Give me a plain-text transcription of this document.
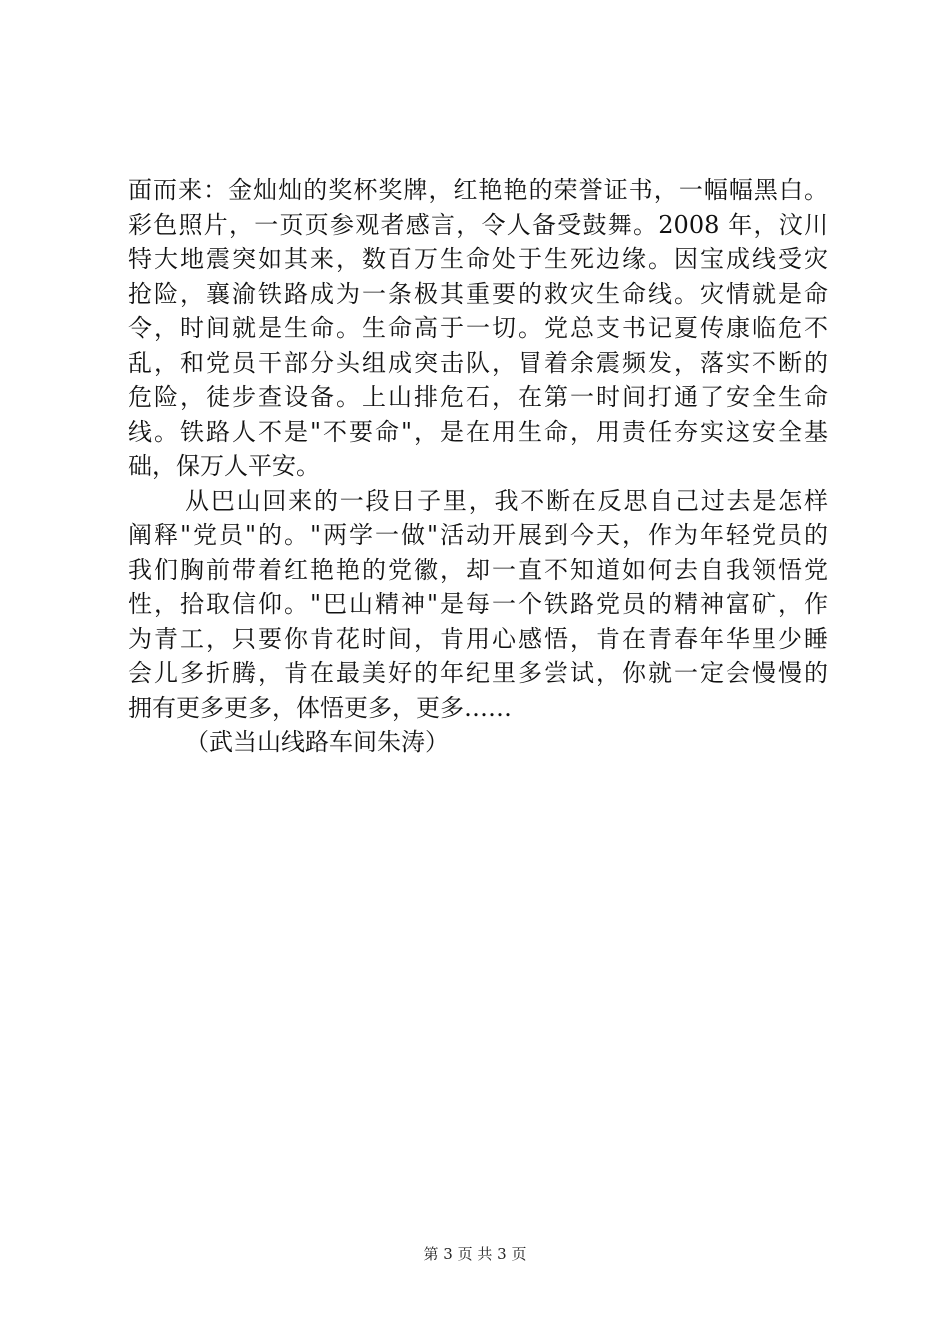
面而来：金灿灿的奖杯奖牌，红艳艳的荣誉证书，一幅幅黑白。
彩色照片，一页页参观者感言，令人备受鼓舞。2008 年，汶川
特大地震突如其来，数百万生命处于生死边缘。因宝成线受灾
抢险，襄渝铁路成为一条极其重要的救灾生命线。灾情就是命
令，时间就是生命。生命高于一切。党总支书记夏传康临危不
乱，和党员干部分头组成突击队，冒着余震频发，落实不断的
危险，徒步查设备。上山排危石，在第一时间打通了安全生命
线。铁路人不是"不要命"，是在用生命，用责任夯实这安全基
础，保万人平安。
从巴山回来的一段日子里，我不断在反思自己过去是怎样
阐释"党员"的。"两学一做"活动开展到今天，作为年轻党员的
我们胸前带着红艳艳的党徽，却一直不知道如何去自我领悟党
性，拾取信仰。"巴山精神"是每一个铁路党员的精神富矿，作
为青工，只要你肯花时间，肯用心感悟，肯在青春年华里少睡
会儿多折腾，肯在最美好的年纪里多尝试，你就一定会慢慢的
拥有更多更多，体悟更多，更多……
（武当山线路车间朱涛）
第 3 页 共 3 页
